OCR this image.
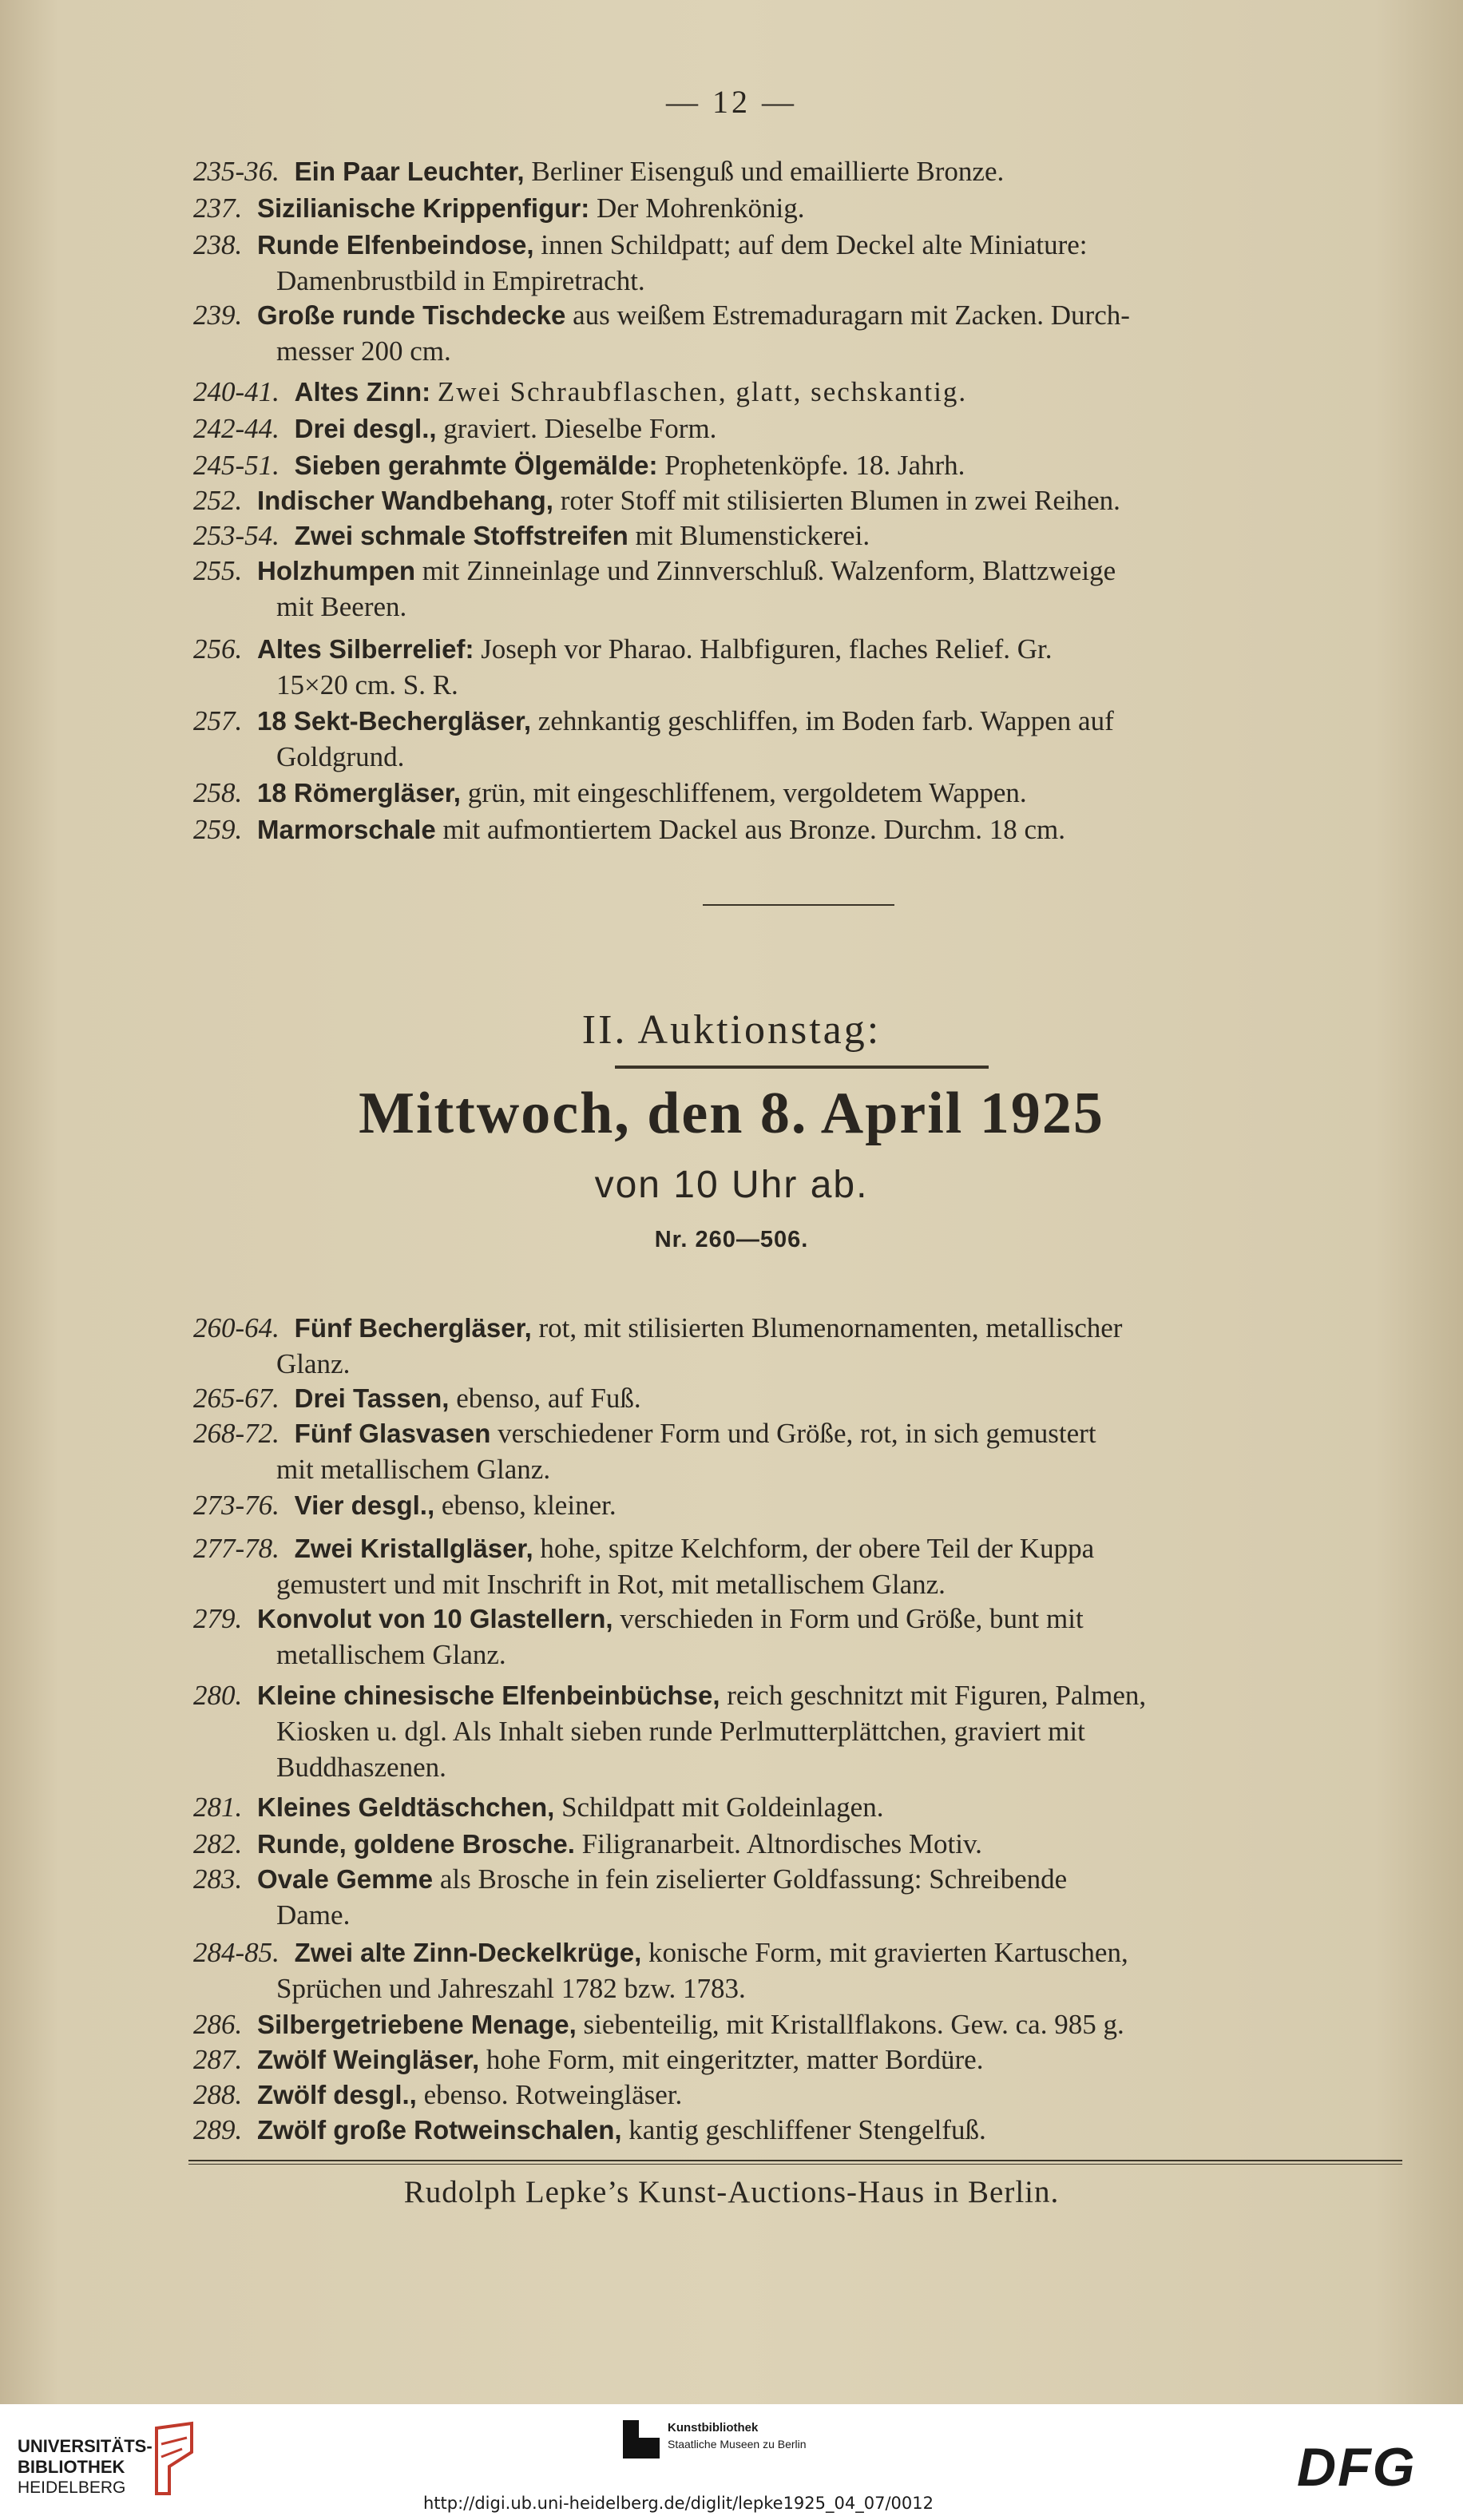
— 12 —
235-36. Ein Paar Leuchter, Berliner Eisenguß und emaillierte Bronze.
237. Sizilianische Krippenfigur: Der Mohrenkönig.
238. Runde Elfenbeindose, innen Schildpatt; auf dem Deckel alte Miniature:
Damenbrustbild in Empiretracht.
239. Große runde Tischdecke aus weißem Estremaduragarn mit Zacken. Durch-
messer 200 cm.
240-41. Altes Zinn: Zwei Schraubflaschen, glatt, sechskantig.
242-44. Drei desgl., graviert. Dieselbe Form.
245-51. Sieben gerahmte Ölgemälde: Prophetenköpfe. 18. Jahrh.
252. Indischer Wandbehang, roter Stoff mit stilisierten Blumen in zwei Reihen.
253-54. Zwei schmale Stoffstreifen mit Blumenstickerei.
255. Holzhumpen mit Zinneinlage und Zinnverschluß. Walzenform, Blattzweige
mit Beeren.
256. Altes Silberrelief: Joseph vor Pharao. Halbfiguren, flaches Relief. Gr.
15×20 cm. S. R.
257. 18 Sekt-Bechergläser, zehnkantig geschliffen, im Boden farb. Wappen auf
Goldgrund.
258. 18 Römergläser, grün, mit eingeschliffenem, vergoldetem Wappen.
259. Marmorschale mit aufmontiertem Dackel aus Bronze. Durchm. 18 cm.
II. Auktionstag:
Mittwoch, den 8. April 1925
von 10 Uhr ab.
Nr. 260—506.
260-64. Fünf Bechergläser, rot, mit stilisierten Blumenornamenten, metallischer
Glanz.
265-67. Drei Tassen, ebenso, auf Fuß.
268-72. Fünf Glasvasen verschiedener Form und Größe, rot, in sich gemustert
mit metallischem Glanz.
273-76. Vier desgl., ebenso, kleiner.
277-78. Zwei Kristallgläser, hohe, spitze Kelchform, der obere Teil der Kuppa
gemustert und mit Inschrift in Rot, mit metallischem Glanz.
279. Konvolut von 10 Glastellern, verschieden in Form und Größe, bunt mit
metallischem Glanz.
280. Kleine chinesische Elfenbeinbüchse, reich geschnitzt mit Figuren, Palmen,
Kiosken u. dgl. Als Inhalt sieben runde Perlmutterplättchen, graviert mit
Buddhaszenen.
281. Kleines Geldtäschchen, Schildpatt mit Goldeinlagen.
282. Runde, goldene Brosche. Filigranarbeit. Altnordisches Motiv.
283. Ovale Gemme als Brosche in fein ziselierter Goldfassung: Schreibende
Dame.
284-85. Zwei alte Zinn-Deckelkrüge, konische Form, mit gravierten Kartuschen,
Sprüchen und Jahreszahl 1782 bzw. 1783.
286. Silbergetriebene Menage, siebenteilig, mit Kristallflakons. Gew. ca. 985 g.
287. Zwölf Weingläser, hohe Form, mit eingeritzter, matter Bordüre.
288. Zwölf desgl., ebenso. Rotweingläser.
289. Zwölf große Rotweinschalen, kantig geschliffener Stengelfuß.
Rudolph Lepke’s Kunst-Auctions-Haus in Berlin.
UNIVERSITÄTS-
BIBLIOTHEK
HEIDELBERG
Kunstbibliothek
Staatliche Museen zu Berlin	DFG
http://digi.ub.uni-heidelberg.de/diglit/lepke1925_04_07/0012
